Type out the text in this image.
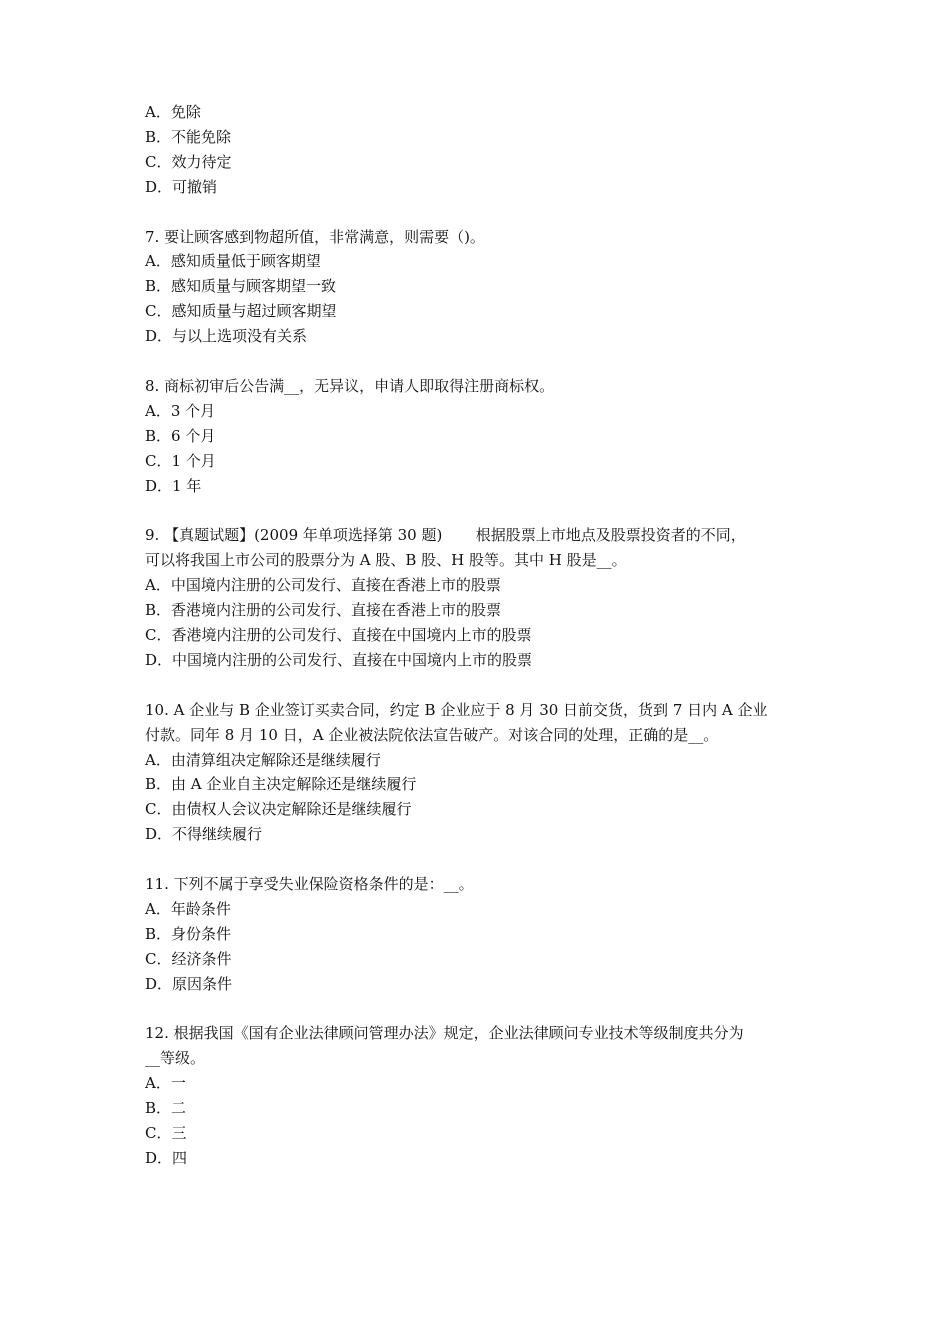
A．免除

B．不能免除

C．效力待定

D．可撤销

7. 要让顾客感到物超所值，非常满意，则需要（)。

A．感知质量低于顾客期望

B．感知质量与顾客期望一致

C．感知质量与超过顾客期望

D．与以上选项没有关系

8. 商标初审后公告满__，无异议，申请人即取得注册商标权。

A．3 个月

B．6 个月

C．1 个月

D．1 年

9. 【真题试题】(2009 年单项选择第 30 题)       根据股票上市地点及股票投资者的不同，

可以将我国上市公司的股票分为 A 股、B 股、H 股等。其中 H 股是__。

A．中国境内注册的公司发行、直接在香港上市的股票

B．香港境内注册的公司发行、直接在香港上市的股票

C．香港境内注册的公司发行、直接在中国境内上市的股票

D．中国境内注册的公司发行、直接在中国境内上市的股票

10. A 企业与 B 企业签订买卖合同，约定 B 企业应于 8 月 30 日前交货，货到 7 日内 A 企业

付款。同年 8 月 10 日，A 企业被法院依法宣告破产。对该合同的处理，正确的是__。

A．由清算组决定解除还是继续履行

B．由 A 企业自主决定解除还是继续履行

C．由债权人会议决定解除还是继续履行

D．不得继续履行

11. 下列不属于享受失业保险资格条件的是：__。

A．年龄条件

B．身份条件

C．经济条件

D．原因条件

12. 根据我国《国有企业法律顾问管理办法》规定，企业法律顾问专业技术等级制度共分为

__等级。

A．一

B．二

C．三

D．四
